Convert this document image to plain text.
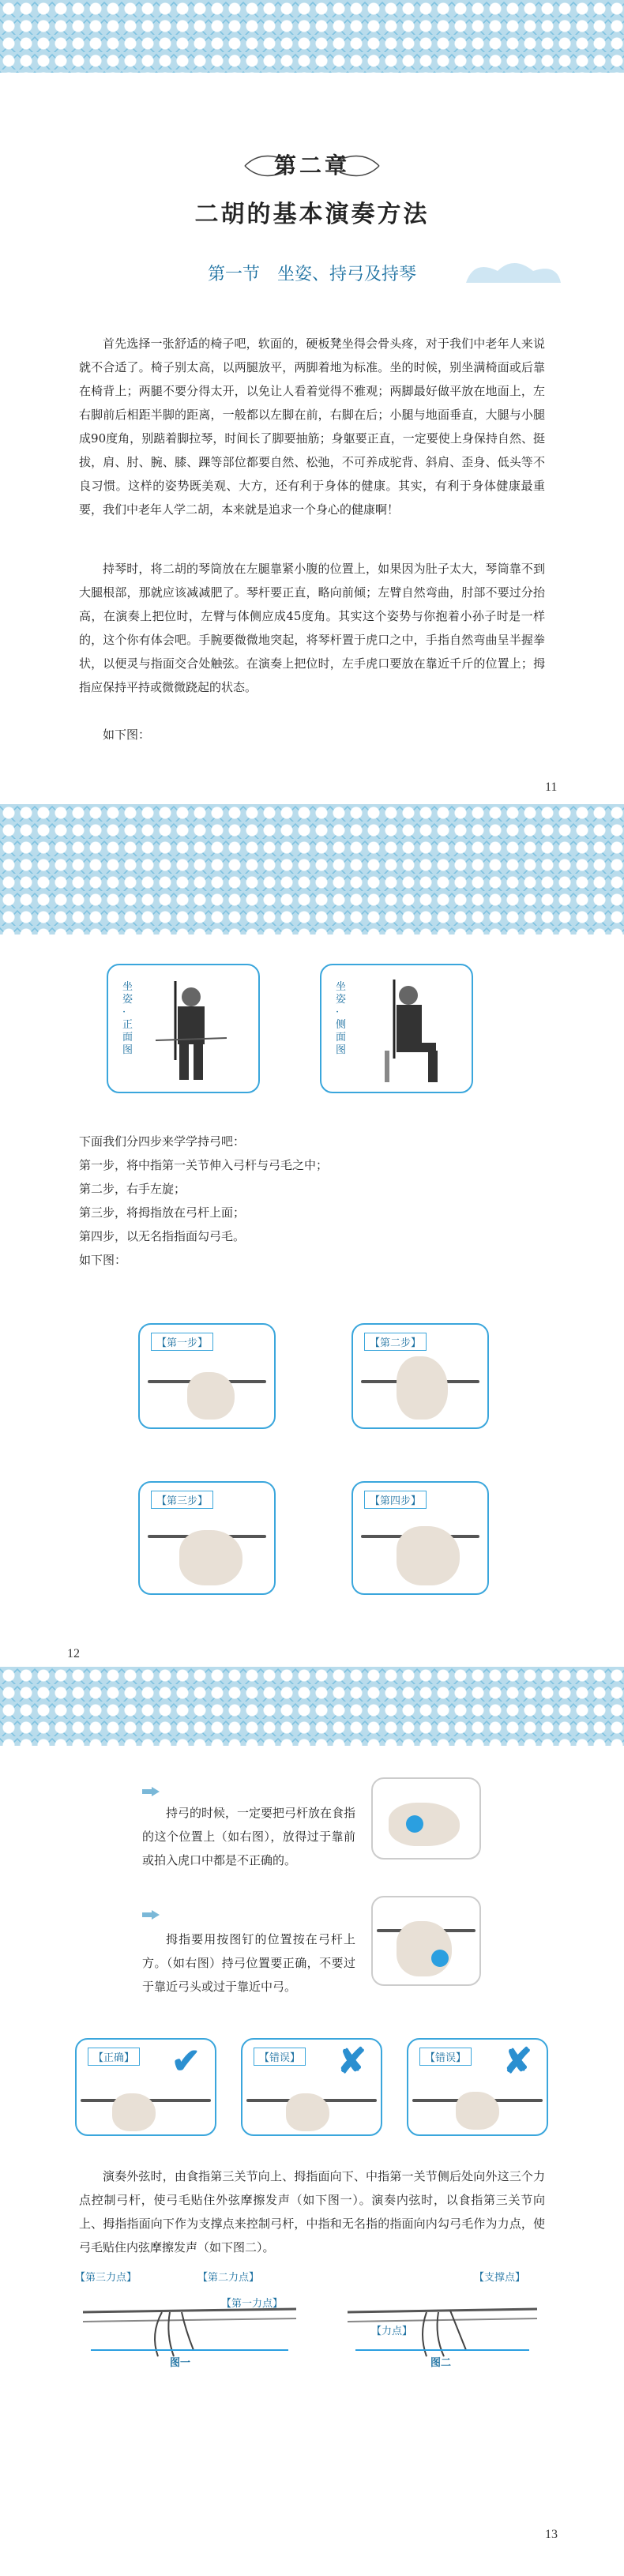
第二章
二胡的基本演奏方法
第一节　坐姿、持弓及持琴
首先选择一张舒适的椅子吧，软面的，硬板凳坐得会骨头疼，对于我们中老年人来说就不合适了。椅子别太高，以两腿放平，两脚着地为标准。坐的时候，别坐满椅面或后靠在椅背上；两腿不要分得太开，以免让人看着觉得不雅观；两脚最好做平放在地面上，左右脚前后相距半脚的距离，一般都以左脚在前，右脚在后；小腿与地面垂直，大腿与小腿成90度角，别踮着脚拉琴，时间长了脚要抽筋；身躯要正直，一定要使上身保持自然、挺拔，肩、肘、腕、膝、踝等部位都要自然、松弛，不可养成驼背、斜肩、歪身、低头等不良习惯。这样的姿势既美观、大方，还有利于身体的健康。其实，有利于身体健康最重要，我们中老年人学二胡，本来就是追求一个身心的健康啊！
持琴时，将二胡的琴筒放在左腿靠紧小腹的位置上，如果因为肚子太大，琴筒靠不到大腿根部，那就应该减减肥了。琴杆要正直，略向前倾；左臂自然弯曲，肘部不要过分抬高，在演奏上把位时，左臂与体侧应成45度角。其实这个姿势与你抱着小孙子时是一样的，这个你有体会吧。手腕要微微地突起，将琴杆置于虎口之中，手指自然弯曲呈半握拳状，以便灵与指面交合处触弦。在演奏上把位时，左手虎口要放在靠近千斤的位置上；拇指应保持平持或微微跷起的状态。
如下图：
11
坐姿·正面图
坐姿·侧面图
下面我们分四步来学学持弓吧：
第一步，将中指第一关节伸入弓杆与弓毛之中；
第二步，右手左旋；
第三步，将拇指放在弓杆上面；
第四步，以无名指指面勾弓毛。
如下图：
【第一步】	【第二步】
【第三步】	【第四步】
12
持弓的时候，一定要把弓杆放在食指的这个位置上（如右图），放得过于靠前或拍入虎口中都是不正确的。
拇指要用按图钉的位置按在弓杆上方。（如右图）持弓位置要正确，不要过于靠近弓头或过于靠近中弓。
【正确】 ✔	【错误】 ✘	【错误】 ✘
演奏外弦时，由食指第三关节向上、拇指面向下、中指第一关节侧后处向外这三个力点控制弓杆，使弓毛贴住外弦摩擦发声（如下图一）。演奏内弦时，以食指第三关节向上、拇指指面向下作为支撑点来控制弓杆，中指和无名指的指面向内勾弓毛作为力点，使弓毛贴住内弦摩擦发声（如下图二）。
【第三力点】	【第二力点】
【第一力点】
图一
【支撑点】
【力点】
图二
13
